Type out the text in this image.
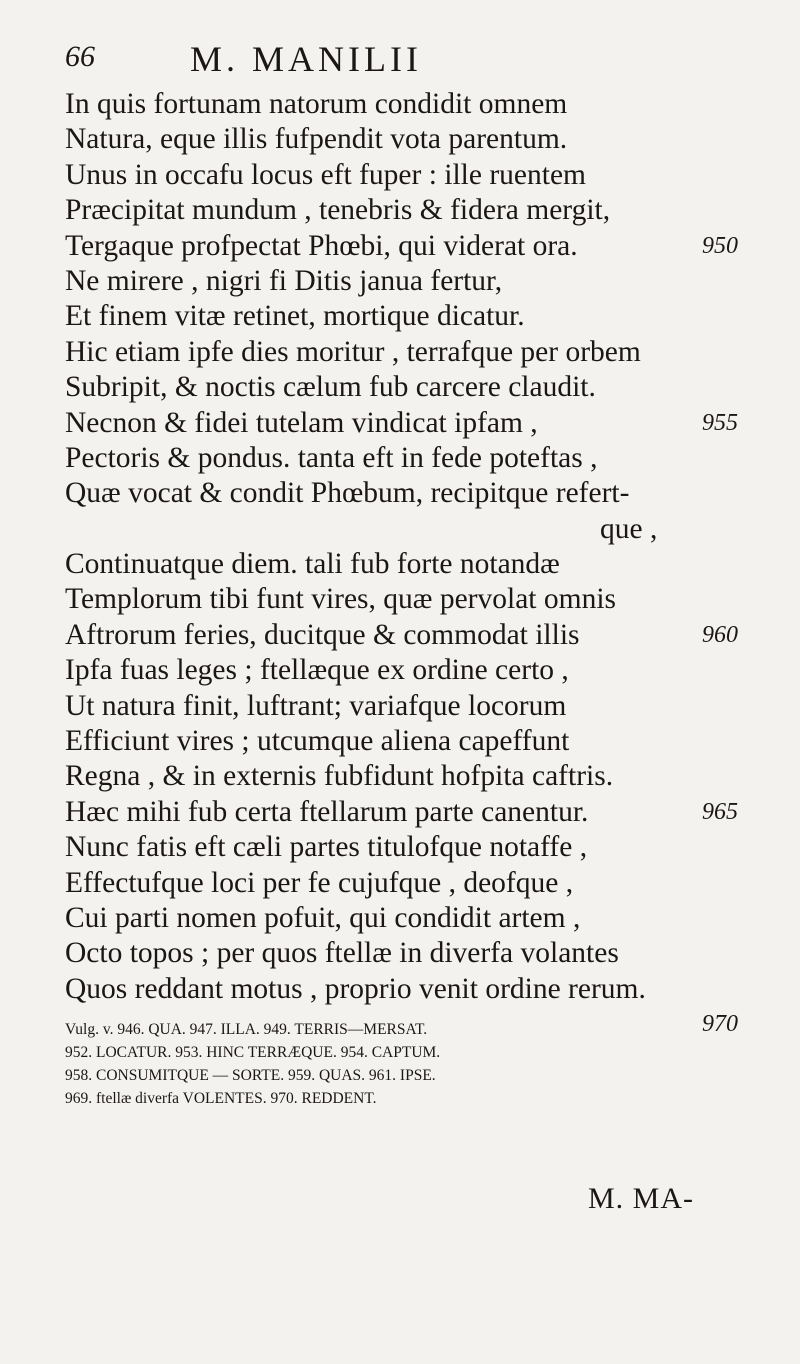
66	M. MANILII
In quis fortunam natorum condidit omnem
Natura, eque illis fufpendit vota parentum.
Unus in occafu locus eft fuper : ille ruentem
Præcipitat mundum , tenebris & fidera mergit,
Tergaque profpectat Phœbi, qui viderat ora.	950
Ne mirere , nigri fi Ditis janua fertur,
Et finem vitæ retinet, mortique dicatur.
Hic etiam ipfe dies moritur , terrafque per orbem
Subripit, & noctis cælum fub carcere claudit.
Necnon & fidei tutelam vindicat ipfam ,	955
Pectoris & pondus. tanta eft in fede poteftas ,
Quæ vocat & condit Phœbum, recipitque refert-
que ,
Continuatque diem. tali fub forte notandæ
Templorum tibi funt vires, quæ pervolat omnis
Aftrorum feries, ducitque & commodat illis	960
Ipfa fuas leges ; ftellæque ex ordine certo ,
Ut natura finit, luftrant; variafque locorum
Efficiunt vires ; utcumque aliena capeffunt
Regna , & in externis fubfidunt hofpita caftris.
Hæc mihi fub certa ftellarum parte canentur.	965
Nunc fatis eft cæli partes titulofque notaffe ,
Effectufque loci per fe cujufque , deofque ,
Cui parti nomen pofuit, qui condidit artem ,
Octo topos ; per quos ftellæ in diverfa volantes
Quos reddant motus , proprio venit ordine rerum.
970
Vulg. v. 946. QUA. 947. ILLA. 949. TERRIS—MERSAT.
952. LOCATUR. 953. HINC TERRÆQUE. 954. CAPTUM.
958. CONSUMITQUE — SORTE. 959. QUAS. 961. IPSE.
969. ftellæ diverfa VOLENTES. 970. REDDENT.
M. MA-
